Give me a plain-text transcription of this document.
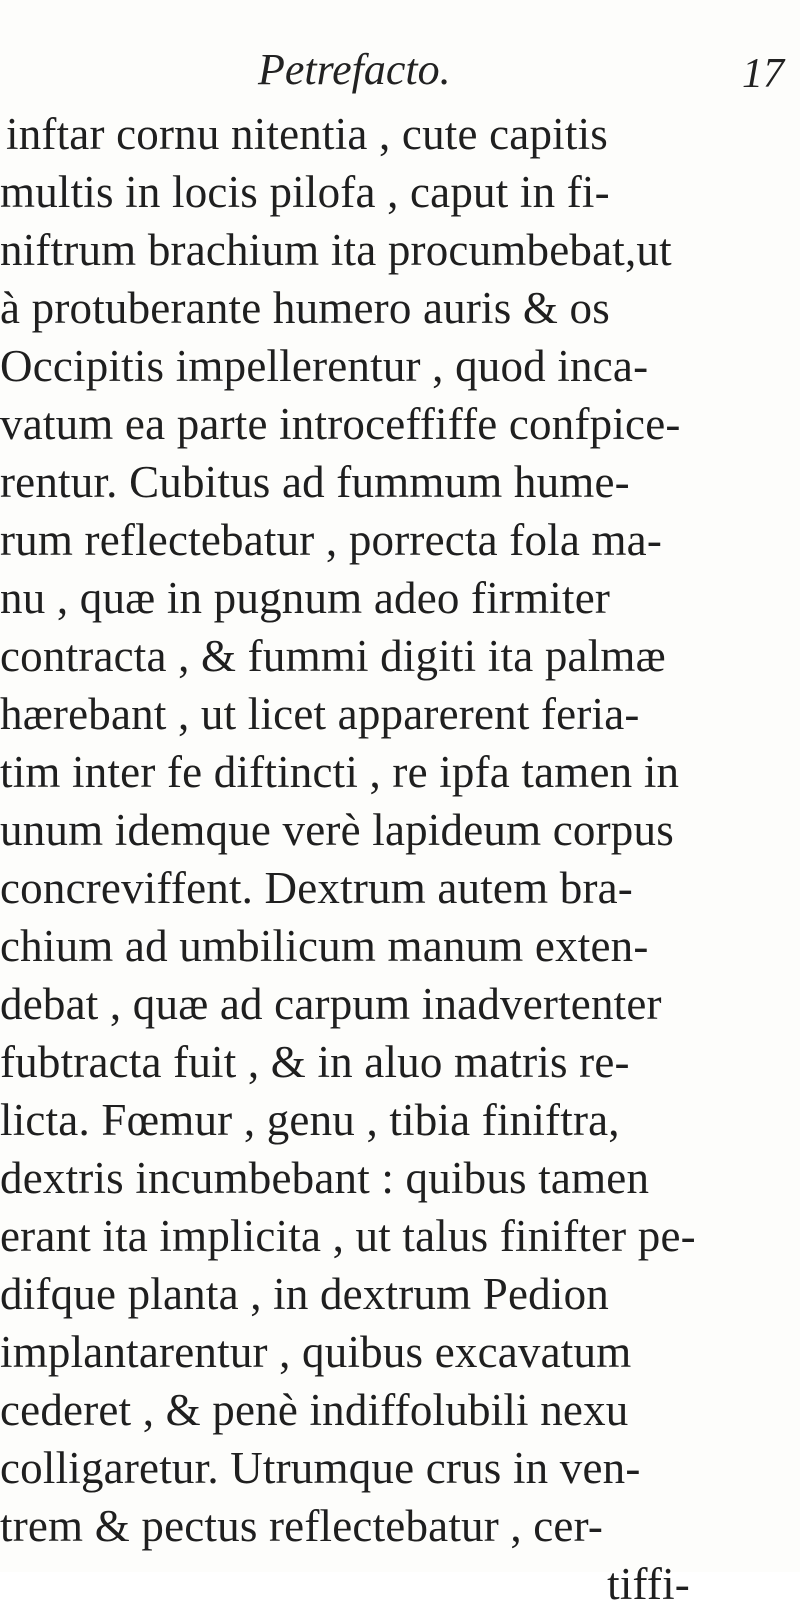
Petrefacto.	17
inftar cornu nitentia , cute capitis
multis in locis pilofa , caput in fi-
niftrum brachium ita procumbebat,ut
à protuberante humero auris & os
Occipitis impellerentur , quod inca-
vatum ea parte introceffiffe confpice-
rentur. Cubitus ad fummum hume-
rum reflectebatur , porrecta fola ma-
nu , quæ in pugnum adeo firmiter
contracta , & fummi digiti ita palmæ
hærebant , ut licet apparerent feria-
tim inter fe diftincti , re ipfa tamen in
unum idemque verè lapideum corpus
concreviffent. Dextrum autem bra-
chium ad umbilicum manum exten-
debat , quæ ad carpum inadvertenter
fubtracta fuit , & in aluo matris re-
licta. Fœmur , genu , tibia finiftra,
dextris incumbebant : quibus tamen
erant ita implicita , ut talus finifter pe-
difque planta , in dextrum Pedion
implantarentur , quibus excavatum
cederet , & penè indiffolubili nexu
colligaretur. Utrumque crus in ven-
trem & pectus reflectebatur , cer-
tiffi-
